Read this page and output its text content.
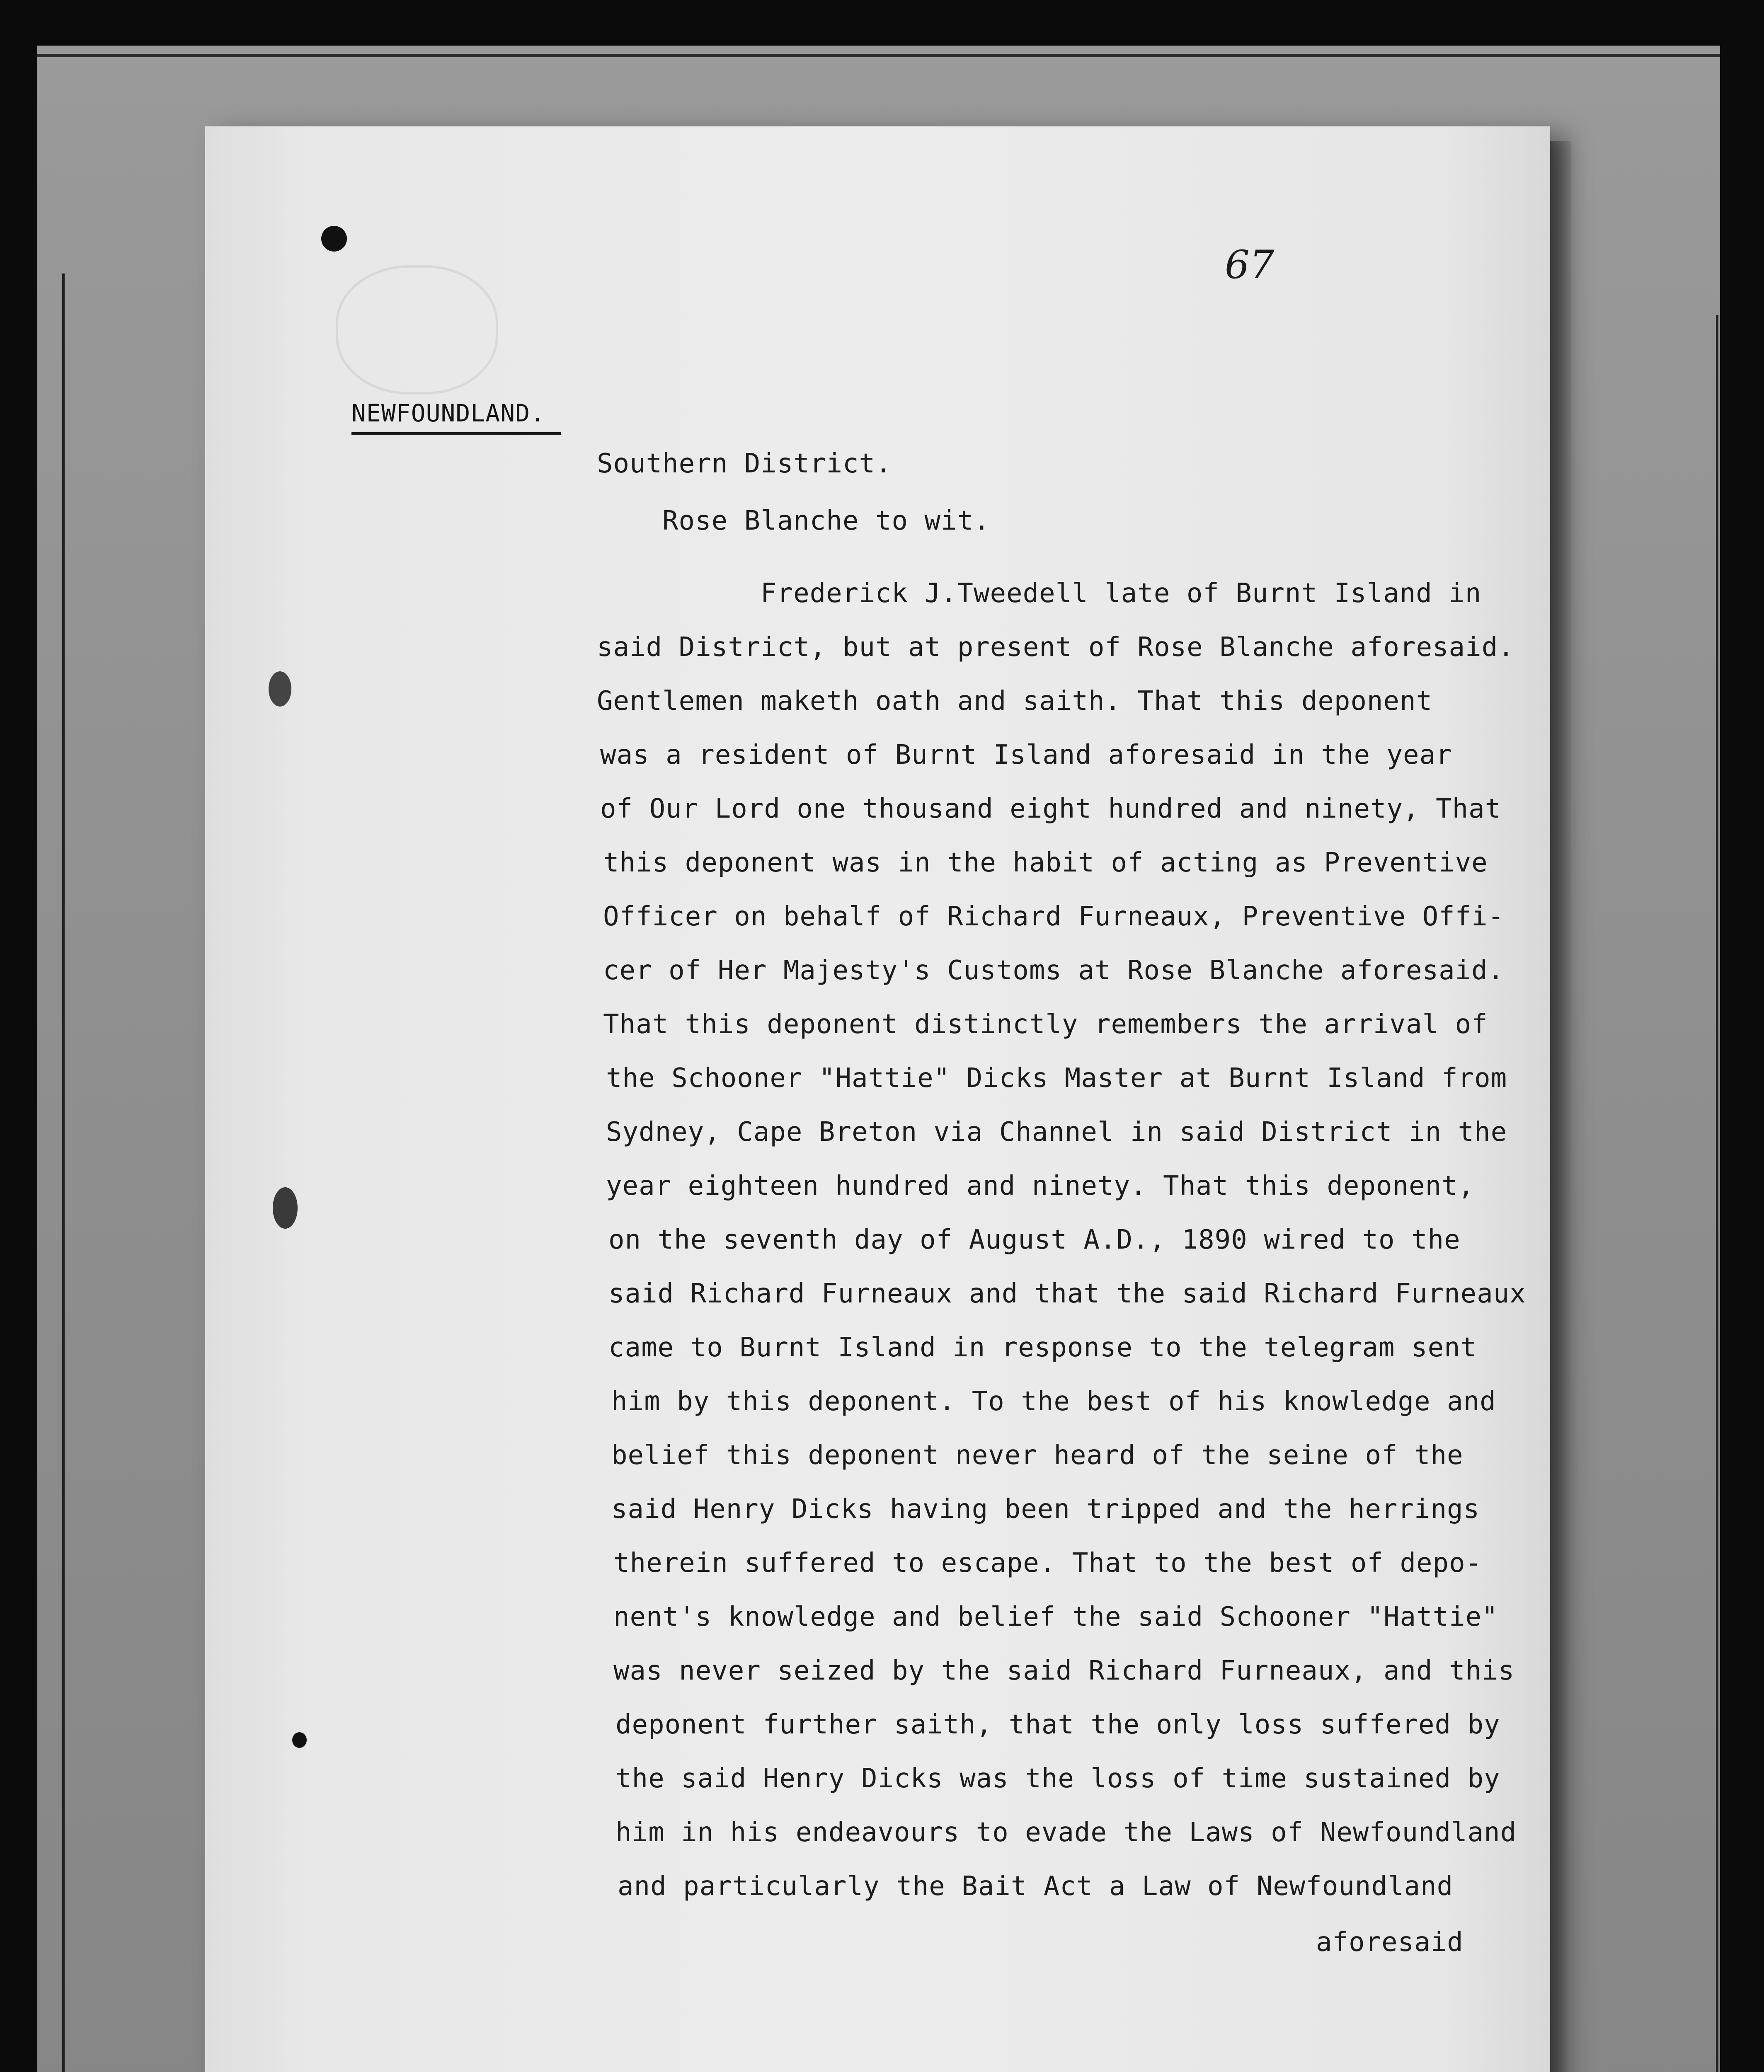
67
NEWFOUNDLAND.
Southern District.
Rose Blanche to wit.
Frederick J.Tweedell late of Burnt Island in
said District, but at present of Rose Blanche aforesaid.
Gentlemen maketh oath and saith. That this deponent
was a resident of Burnt Island aforesaid in the year
of Our Lord one thousand eight hundred and ninety, That
this deponent was in the habit of acting as Preventive
Officer on behalf of Richard Furneaux, Preventive Offi-
cer of Her Majesty's Customs at Rose Blanche aforesaid.
That this deponent distinctly remembers the arrival of
the Schooner "Hattie" Dicks Master at Burnt Island from
Sydney, Cape Breton via Channel in said District in the
year eighteen hundred and ninety. That this deponent,
on the seventh day of August A.D., 1890 wired to the
said Richard Furneaux and that the said Richard Furneaux
came to Burnt Island in response to the telegram sent
him by this deponent. To the best of his knowledge and
belief this deponent never heard of the seine of the
said Henry Dicks having been tripped and the herrings
therein suffered to escape. That to the best of depo-
nent's knowledge and belief the said Schooner "Hattie"
was never seized by the said Richard Furneaux, and this
deponent further saith, that the only loss suffered by
the said Henry Dicks was the loss of time sustained by
him in his endeavours to evade the Laws of Newfoundland
and particularly the Bait Act a Law of Newfoundland
aforesaid
